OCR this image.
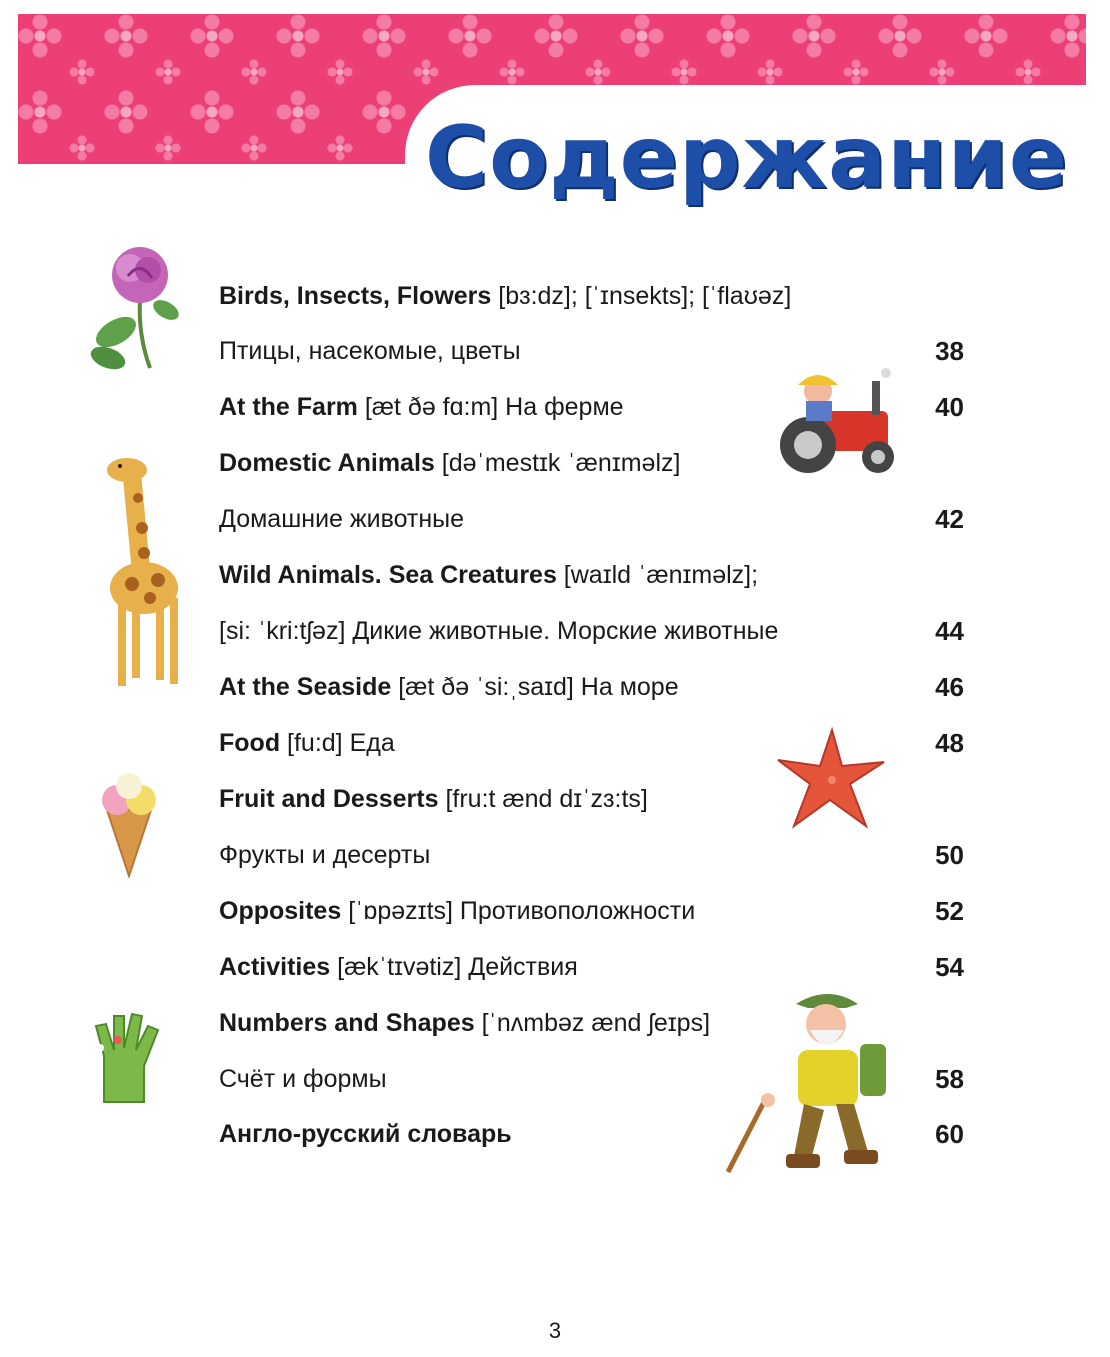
Содержание
Birds, Insects, Flowers [bɜ:dz]; [ˈɪnsekts]; [ˈflaʊəz]
Птицы, насекомые, цветы	38
At the Farm [æt ðə fɑ:m] На ферме	40
Domestic Animals [dəˈmestɪk ˈænɪməlz]
Домашние животные	42
Wild Animals. Sea Creatures [waɪld ˈænɪməlz];
[si: ˈkri:tʃəz] Дикие животные. Морские животные	44
At the Seaside [æt ðə ˈsi:ˌsaɪd] На море	46
Food [fu:d] Еда	48
Fruit and Desserts [fru:t ænd dɪˈzɜ:ts]
Фрукты и десерты	50
Opposites [ˈɒpəzɪts] Противоположности	52
Activities [ækˈtɪvətiz] Действия	54
Numbers and Shapes [ˈnʌmbəz ænd ʃeɪps]
Счёт и формы	58
Англо-русский словарь	60
3
